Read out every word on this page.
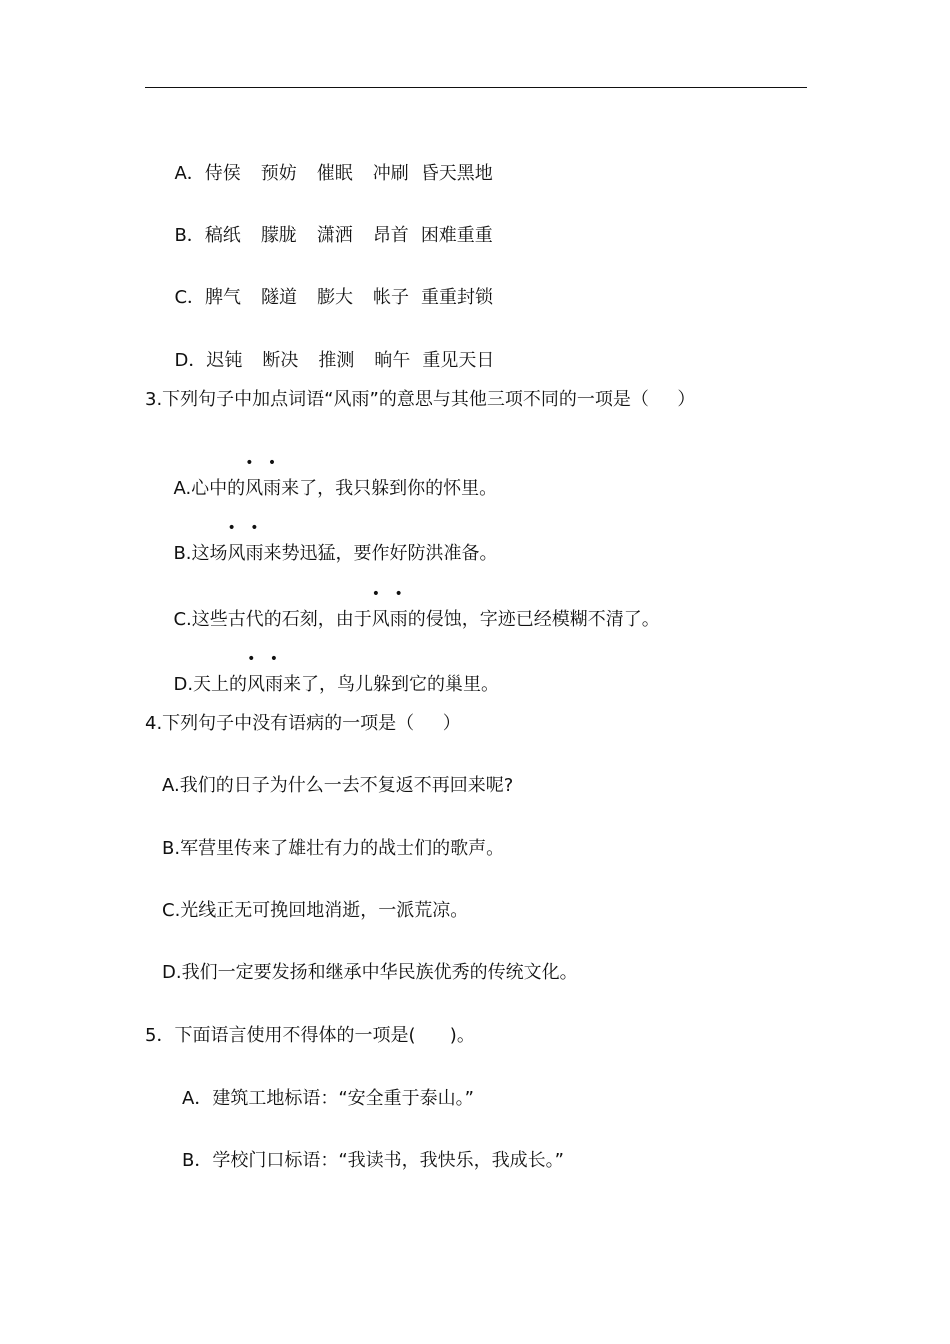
A．侍侯 预妨 催眠 冲刷 昏天黑地

B．稿纸 朦胧 潇洒 昂首 困难重重

C．脾气 隧道 膨大 帐子 重重封锁

D．迟钝 断决 推测 晌午 重见天日

3.下列句子中加点词语“风雨”的意思与其他三项不同的一项是（     ）

A.心中的
• •
风雨来了，我只躲到你的怀里。

B.这场
• •
风雨来势迅猛，要作好防洪准备。

C.这些古代的石刻，由于
• •
风雨的侵蚀，字迹已经模糊不清了。

D.天上的
• •
风雨来了，鸟儿躲到它的巢里。

4.下列句子中没有语病的一项是（     ）
A.我们的日子为什么一去不复返不再回来呢?
B.军营里传来了雄壮有力的战士们的歌声。
C.光线正无可挽回地消逝，一派荒凉。
D.我们一定要发扬和继承中华民族优秀的传统文化。
5．下面语言使用不得体的一项是(      )。
A．建筑工地标语：“安全重于泰山。”
B．学校门口标语：“我读书，我快乐，我成长。”
